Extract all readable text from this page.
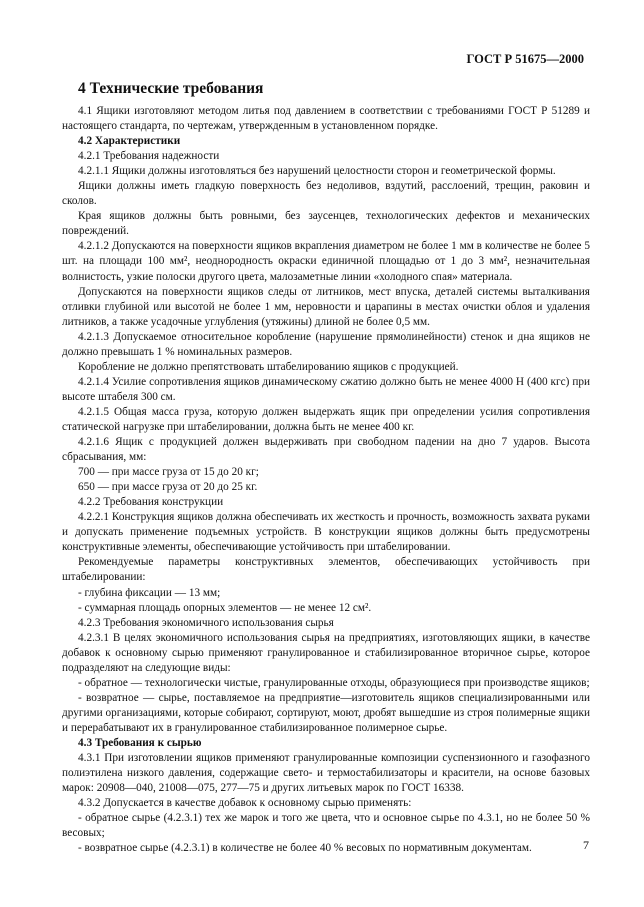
ГОСТ Р 51675—2000
4 Технические требования

4.1 Ящики изготовляют методом литья под давлением в соответствии с требованиями ГОСТ Р 51289 и настоящего стандарта, по чертежам, утвержденным в установленном порядке.

4.2 Характеристики

4.2.1 Требования надежности

4.2.1.1 Ящики должны изготовляться без нарушений целостности сторон и геометрической формы.

Ящики должны иметь гладкую поверхность без недоливов, вздутий, расслоений, трещин, раковин и сколов.

Края ящиков должны быть ровными, без заусенцев, технологических дефектов и механических повреждений.

4.2.1.2 Допускаются на поверхности ящиков вкрапления диаметром не более 1 мм в количестве не более 5 шт. на площади 100 мм², неоднородность окраски единичной площадью от 1 до 3 мм², незначительная волнистость, узкие полоски другого цвета, малозаметные линии «холодного спая» материала.

Допускаются на поверхности ящиков следы от литников, мест впуска, деталей системы выталкивания отливки глубиной или высотой не более 1 мм, неровности и царапины в местах очистки облоя и удаления литников, а также усадочные углубления (утяжины) длиной не более 0,5 мм.

4.2.1.3 Допускаемое относительное коробление (нарушение прямолинейности) стенок и дна ящиков не должно превышать 1 % номинальных размеров.

Коробление не должно препятствовать штабелированию ящиков с продукцией.

4.2.1.4 Усилие сопротивления ящиков динамическому сжатию должно быть не менее 4000 Н (400 кгс) при высоте штабеля 300 см.

4.2.1.5 Общая масса груза, которую должен выдержать ящик при определении усилия сопротивления статической нагрузке при штабелировании, должна быть не менее 400 кг.

4.2.1.6 Ящик с продукцией должен выдерживать при свободном падении на дно 7 ударов. Высота сбрасывания, мм:

700 — при массе груза от 15 до 20 кг;

650 — при массе груза от 20 до 25 кг.

4.2.2 Требования конструкции

4.2.2.1 Конструкция ящиков должна обеспечивать их жесткость и прочность, возможность захвата руками и допускать применение подъемных устройств. В конструкции ящиков должны быть предусмотрены конструктивные элементы, обеспечивающие устойчивость при штабелировании.

Рекомендуемые параметры конструктивных элементов, обеспечивающих устойчивость при штабелировании:

- глубина фиксации — 13 мм;

- суммарная площадь опорных элементов — не менее 12 см².

4.2.3 Требования экономичного использования сырья

4.2.3.1 В целях экономичного использования сырья на предприятиях, изготовляющих ящики, в качестве добавок к основному сырью применяют гранулированное и стабилизированное вторичное сырье, которое подразделяют на следующие виды:

- обратное — технологически чистые, гранулированные отходы, образующиеся при производстве ящиков;

- возвратное — сырье, поставляемое на предприятие—изготовитель ящиков специализированными или другими организациями, которые собирают, сортируют, моют, дробят вышедшие из строя полимерные ящики и перерабатывают их в гранулированное стабилизированное полимерное сырье.

4.3 Требования к сырью

4.3.1 При изготовлении ящиков применяют гранулированные композиции суспензионного и газофазного полиэтилена низкого давления, содержащие свето- и термостабилизаторы и красители, на основе базовых марок: 20908—040, 21008—075, 277—75 и других литьевых марок по ГОСТ 16338.

4.3.2 Допускается в качестве добавок к основному сырью применять:

- обратное сырье (4.2.3.1) тех же марок и того же цвета, что и основное сырье по 4.3.1, но не более 50 % весовых;

- возвратное сырье (4.2.3.1) в количестве не более 40 % весовых по нормативным документам.	7
